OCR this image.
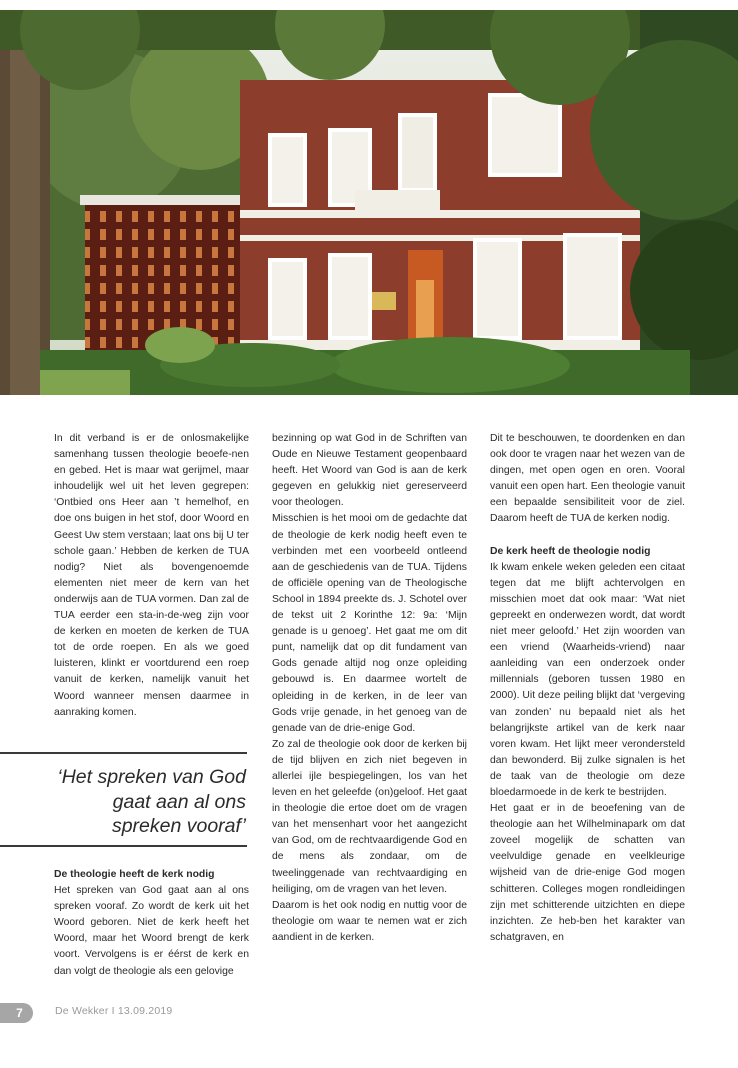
In dit verband is er de onlosmakelijke samenhang tussen theologie beoefe-nen en gebed. Het is maar wat gerijmel, maar inhoudelijk wel uit het leven gegrepen: ‘Ontbied ons Heer aan ’t hemelhof, en doe ons buigen in het stof, door Woord en Geest Uw stem verstaan; laat ons bij U ter schole gaan.’ Hebben de kerken de TUA nodig? Niet als bovengenoemde elementen niet meer de kern van het onderwijs aan de TUA vormen. Dan zal de TUA eerder een sta-in-de-weg zijn voor de kerken en moeten de kerken de TUA tot de orde roepen. En als we goed luisteren, klinkt er voortdurend een roep vanuit de kerken, namelijk vanuit het Woord wanneer mensen daarmee in aanraking komen.

‘Het spreken van God
gaat aan al ons
spreken vooraf’

De theologie heeft de kerk nodig

Het spreken van God gaat aan al ons spreken vooraf. Zo wordt de kerk uit het Woord geboren. Niet de kerk heeft het Woord, maar het Woord brengt de kerk voort. Vervolgens is er éérst de kerk en dan volgt de theologie als een gelovige

bezinning op wat God in de Schriften van Oude en Nieuwe Testament geopenbaard heeft. Het Woord van God is aan de kerk gegeven en gelukkig niet gereserveerd voor theologen.

Misschien is het mooi om de gedachte dat de theologie de kerk nodig heeft even te verbinden met een voorbeeld ontleend aan de geschiedenis van de TUA. Tijdens de officiële opening van de Theologische School in 1894 preekte ds. J. Schotel over de tekst uit 2 Korinthe 12: 9a: ‘Mijn genade is u genoeg’. Het gaat me om dit punt, namelijk dat op dit fundament van Gods genade altijd nog onze opleiding gebouwd is. En daarmee wortelt de opleiding in de kerken, in de leer van Gods vrije genade, in het genoeg van de genade van de drie-enige God.

Zo zal de theologie ook door de kerken bij de tijd blijven en zich niet begeven in allerlei ijle bespiegelingen, los van het leven en het geleefde (on)geloof. Het gaat in theologie die ertoe doet om de vragen van het mensenhart voor het aangezicht van God, om de rechtvaardigende God en de mens als zondaar, om de tweelinggenade van rechtvaardiging en heiliging, om de vragen van het leven.

Daarom is het ook nodig en nuttig voor de theologie om waar te nemen wat er zich aandient in de kerken.

Dit te beschouwen, te doordenken en dan ook door te vragen naar het wezen van de dingen, met open ogen en oren. Vooral vanuit een open hart. Een theologie vanuit een bepaalde sensibiliteit voor de ziel. Daarom heeft de TUA de kerken nodig.

De kerk heeft de theologie nodig

Ik kwam enkele weken geleden een citaat tegen dat me blijft achtervolgen en misschien moet dat ook maar: ‘Wat niet gepreekt en onderwezen wordt, dat wordt niet meer geloofd.’ Het zijn woorden van een vriend (Waarheids-vriend) naar aanleiding van een onderzoek onder millennials (geboren tussen 1980 en 2000). Uit deze peiling blijkt dat ‘vergeving van zonden’ nu bepaald niet als het belangrijkste artikel van de kerk naar voren kwam. Het lijkt meer verondersteld dan bewonderd. Bij zulke signalen is het de taak van de theologie om deze bloedarmoede in de kerk te bestrijden.

Het gaat er in de beoefening van de theologie aan het Wilhelminapark om dat zoveel mogelijk de schatten van veelvuldige genade en veelkleurige wijsheid van de drie-enige God mogen schitteren. Colleges mogen rondleidingen zijn met schitterende uitzichten en diepe inzichten. Ze heb-ben het karakter van schatgraven, en

7	De Wekker I 13.09.2019
